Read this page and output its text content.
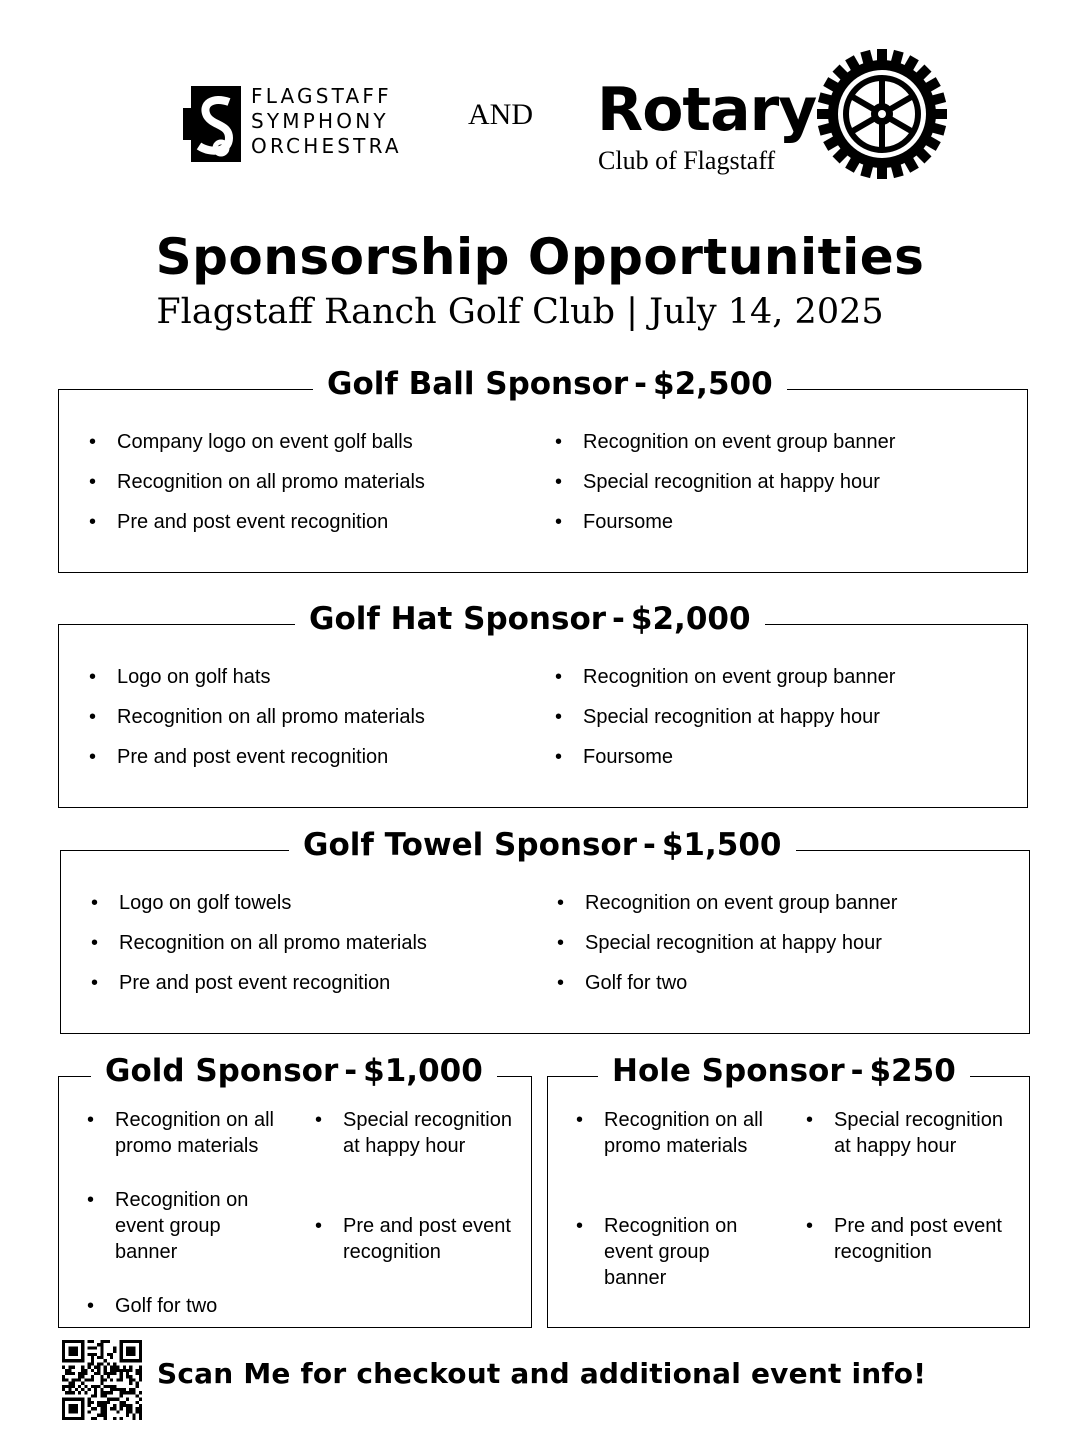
FLAGSTAFF
SYMPHONY
ORCHESTRA
AND Rotary
Club of Flagstaff
Sponsorship Opportunities
Flagstaff Ranch Golf Club | July 14, 2025
Golf Ball Sponsor - $2,500
• Company logo on event golf balls
• Recognition on all promo materials
• Pre and post event recognition
• Recognition on event group banner
• Special recognition at happy hour
• Foursome
Golf Hat Sponsor - $2,000
• Logo on golf hats
• Recognition on all promo materials
• Pre and post event recognition
• Recognition on event group banner
• Special recognition at happy hour
• Foursome
Golf Towel Sponsor - $1,500
• Logo on golf towels
• Recognition on all promo materials
• Pre and post event recognition
• Recognition on event group banner
• Special recognition at happy hour
• Golf for two
Gold Sponsor - $1,000
• Recognition on all promo materials
• Recognition on event group banner
• Golf for two
• Special recognition at happy hour
• Pre and post event recognition
Hole Sponsor - $250
• Recognition on all promo materials
• Recognition on event group banner
• Special recognition at happy hour
• Pre and post event recognition
Scan Me for checkout and additional event info!
